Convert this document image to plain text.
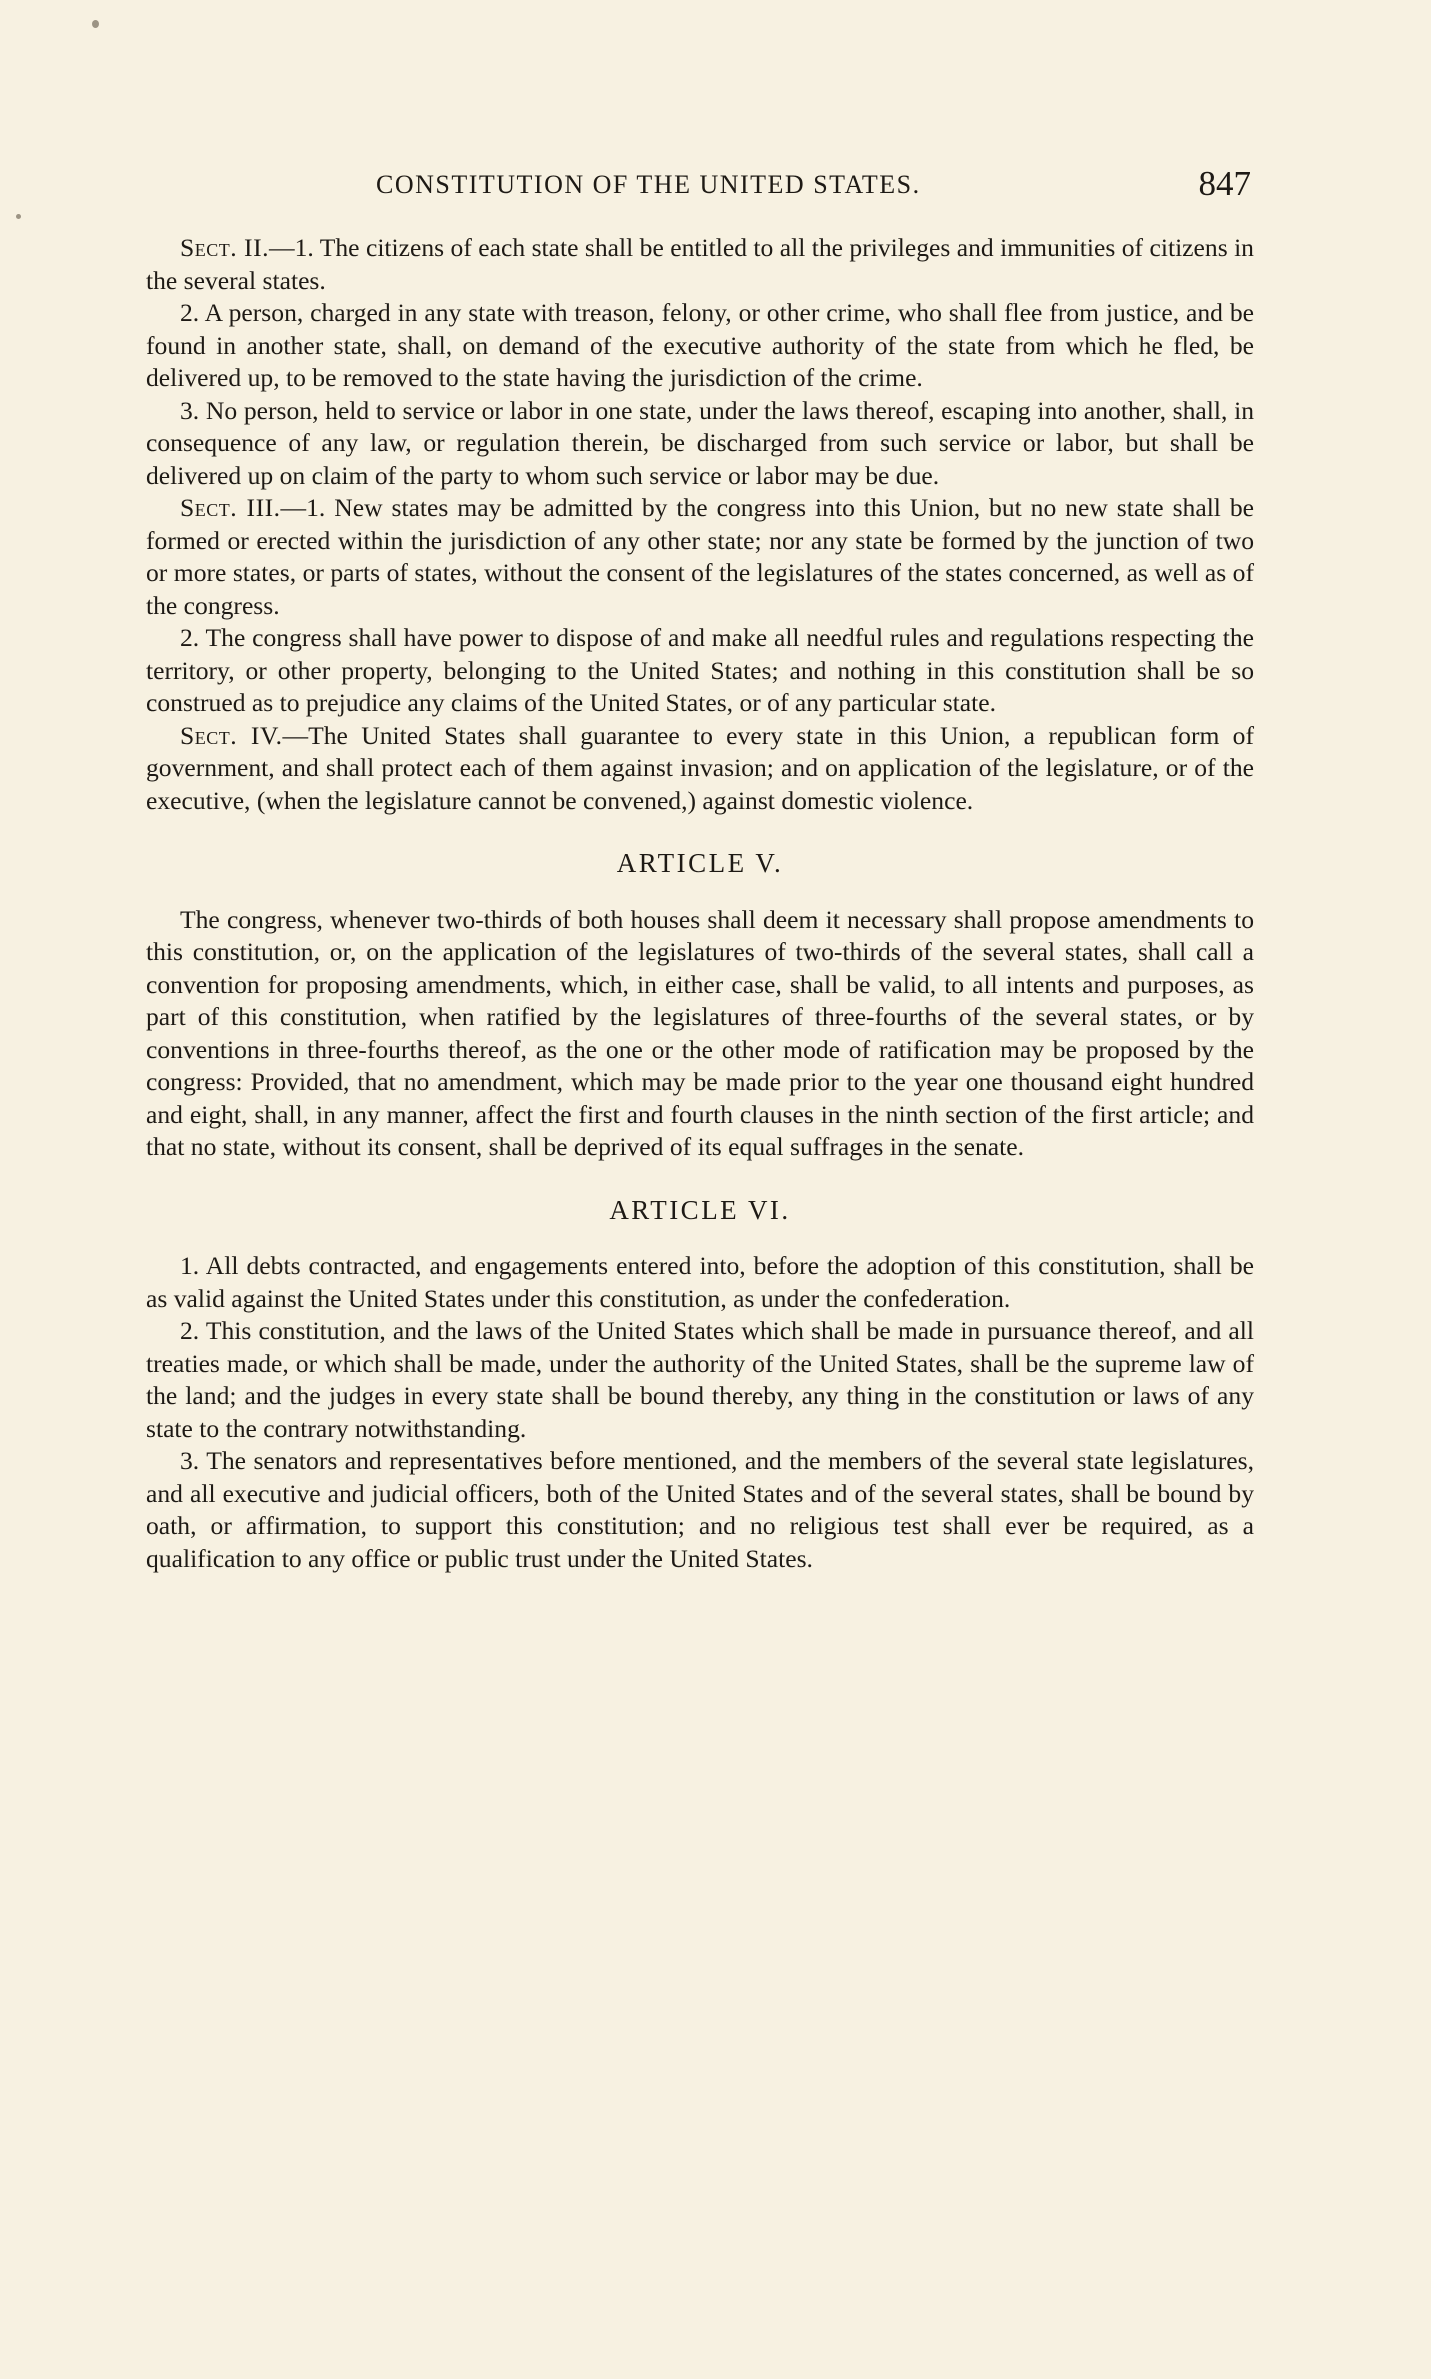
CONSTITUTION OF THE UNITED STATES.	847

Sect. II.—1. The citizens of each state shall be entitled to all the privileges and immunities of citizens in the several states.

2. A person, charged in any state with treason, felony, or other crime, who shall flee from justice, and be found in another state, shall, on demand of the executive authority of the state from which he fled, be delivered up, to be removed to the state having the jurisdiction of the crime.

3. No person, held to service or labor in one state, under the laws thereof, escaping into another, shall, in consequence of any law, or regulation therein, be discharged from such service or labor, but shall be delivered up on claim of the party to whom such service or labor may be due.

Sect. III.—1. New states may be admitted by the congress into this Union, but no new state shall be formed or erected within the jurisdiction of any other state; nor any state be formed by the junction of two or more states, or parts of states, without the consent of the legislatures of the states concerned, as well as of the congress.

2. The congress shall have power to dispose of and make all needful rules and regulations respecting the territory, or other property, belonging to the United States; and nothing in this constitution shall be so construed as to prejudice any claims of the United States, or of any particular state.

Sect. IV.—The United States shall guarantee to every state in this Union, a republican form of government, and shall protect each of them against invasion; and on application of the legislature, or of the executive, (when the legislature cannot be convened,) against domestic violence.

ARTICLE V.

The congress, whenever two-thirds of both houses shall deem it necessary shall propose amendments to this constitution, or, on the application of the legislatures of two-thirds of the several states, shall call a convention for proposing amendments, which, in either case, shall be valid, to all intents and purposes, as part of this constitution, when ratified by the legislatures of three-fourths of the several states, or by conventions in three-fourths thereof, as the one or the other mode of ratification may be proposed by the congress: Provided, that no amendment, which may be made prior to the year one thousand eight hundred and eight, shall, in any manner, affect the first and fourth clauses in the ninth section of the first article; and that no state, without its consent, shall be deprived of its equal suffrages in the senate.

ARTICLE VI.

1. All debts contracted, and engagements entered into, before the adoption of this constitution, shall be as valid against the United States under this constitution, as under the confederation.

2. This constitution, and the laws of the United States which shall be made in pursuance thereof, and all treaties made, or which shall be made, under the authority of the United States, shall be the supreme law of the land; and the judges in every state shall be bound thereby, any thing in the constitution or laws of any state to the contrary notwithstanding.

3. The senators and representatives before mentioned, and the members of the several state legislatures, and all executive and judicial officers, both of the United States and of the several states, shall be bound by oath, or affirmation, to support this constitution; and no religious test shall ever be required, as a qualification to any office or public trust under the United States.
